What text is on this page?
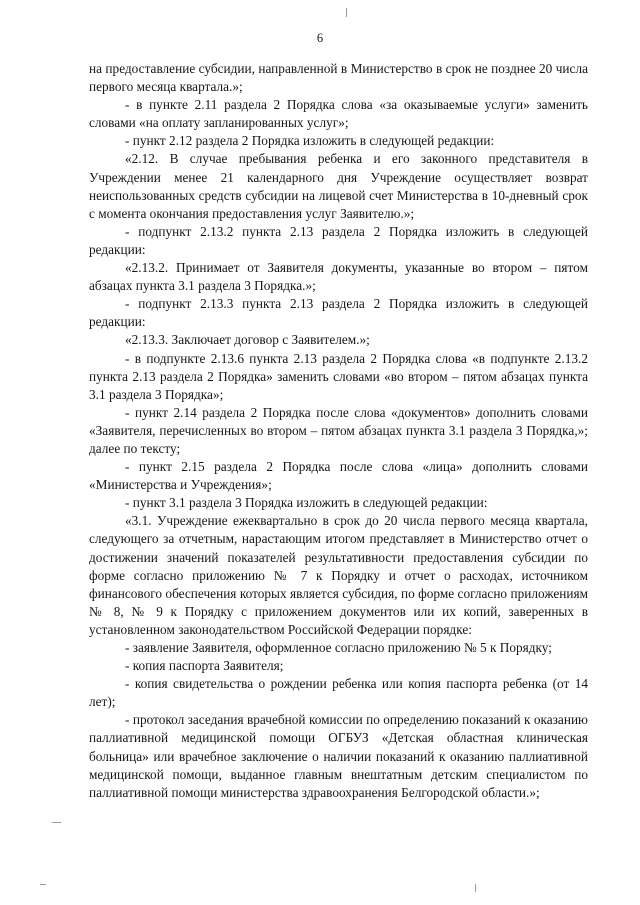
6

на предоставление субсидии, направленной в Министерство в срок не позднее 20 числа первого месяца квартала.»;

- в пункте 2.11 раздела 2 Порядка слова «за оказываемые услуги» заменить словами «на оплату запланированных услуг»;

- пункт 2.12 раздела 2 Порядка изложить в следующей редакции:

«2.12. В случае пребывания ребенка и его законного представителя в Учреждении менее 21 календарного дня Учреждение осуществляет возврат неиспользованных средств субсидии на лицевой счет Министерства в 10-дневный срок с момента окончания предоставления услуг Заявителю.»;

- подпункт 2.13.2 пункта 2.13 раздела 2 Порядка изложить в следующей редакции:

«2.13.2. Принимает от Заявителя документы, указанные во втором – пятом абзацах пункта 3.1 раздела 3 Порядка.»;

- подпункт 2.13.3 пункта 2.13 раздела 2 Порядка изложить в следующей редакции:

«2.13.3. Заключает договор с Заявителем.»;

- в подпункте 2.13.6 пункта 2.13 раздела 2 Порядка слова «в подпункте 2.13.2 пункта 2.13 раздела 2 Порядка» заменить словами «во втором – пятом абзацах пункта 3.1 раздела 3 Порядка»;

- пункт 2.14 раздела 2 Порядка после слова «документов» дополнить словами «Заявителя, перечисленных во втором – пятом абзацах пункта 3.1 раздела 3 Порядка,»; далее по тексту;

- пункт 2.15 раздела 2 Порядка после слова «лица» дополнить словами «Министерства и Учреждения»;

- пункт 3.1 раздела 3 Порядка изложить в следующей редакции:

«3.1. Учреждение ежеквартально в срок до 20 числа первого месяца квартала, следующего за отчетным, нарастающим итогом представляет в Министерство отчет о достижении значений показателей результативности предоставления субсидии по форме согласно приложению № 7 к Порядку и отчет о расходах, источником финансового обеспечения которых является субсидия, по форме согласно приложениям № 8, № 9 к Порядку с приложением документов или их копий, заверенных в установленном законодательством Российской Федерации порядке:

- заявление Заявителя, оформленное согласно приложению № 5 к Порядку;

- копия паспорта Заявителя;

- копия свидетельства о рождении ребенка или копия паспорта ребенка (от 14 лет);

- протокол заседания врачебной комиссии по определению показаний к оказанию паллиативной медицинской помощи ОГБУЗ «Детская областная клиническая больница» или врачебное заключение о наличии показаний к оказанию паллиативной медицинской помощи, выданное главным внештатным детским специалистом по паллиативной помощи министерства здравоохранения Белгородской области.»;
